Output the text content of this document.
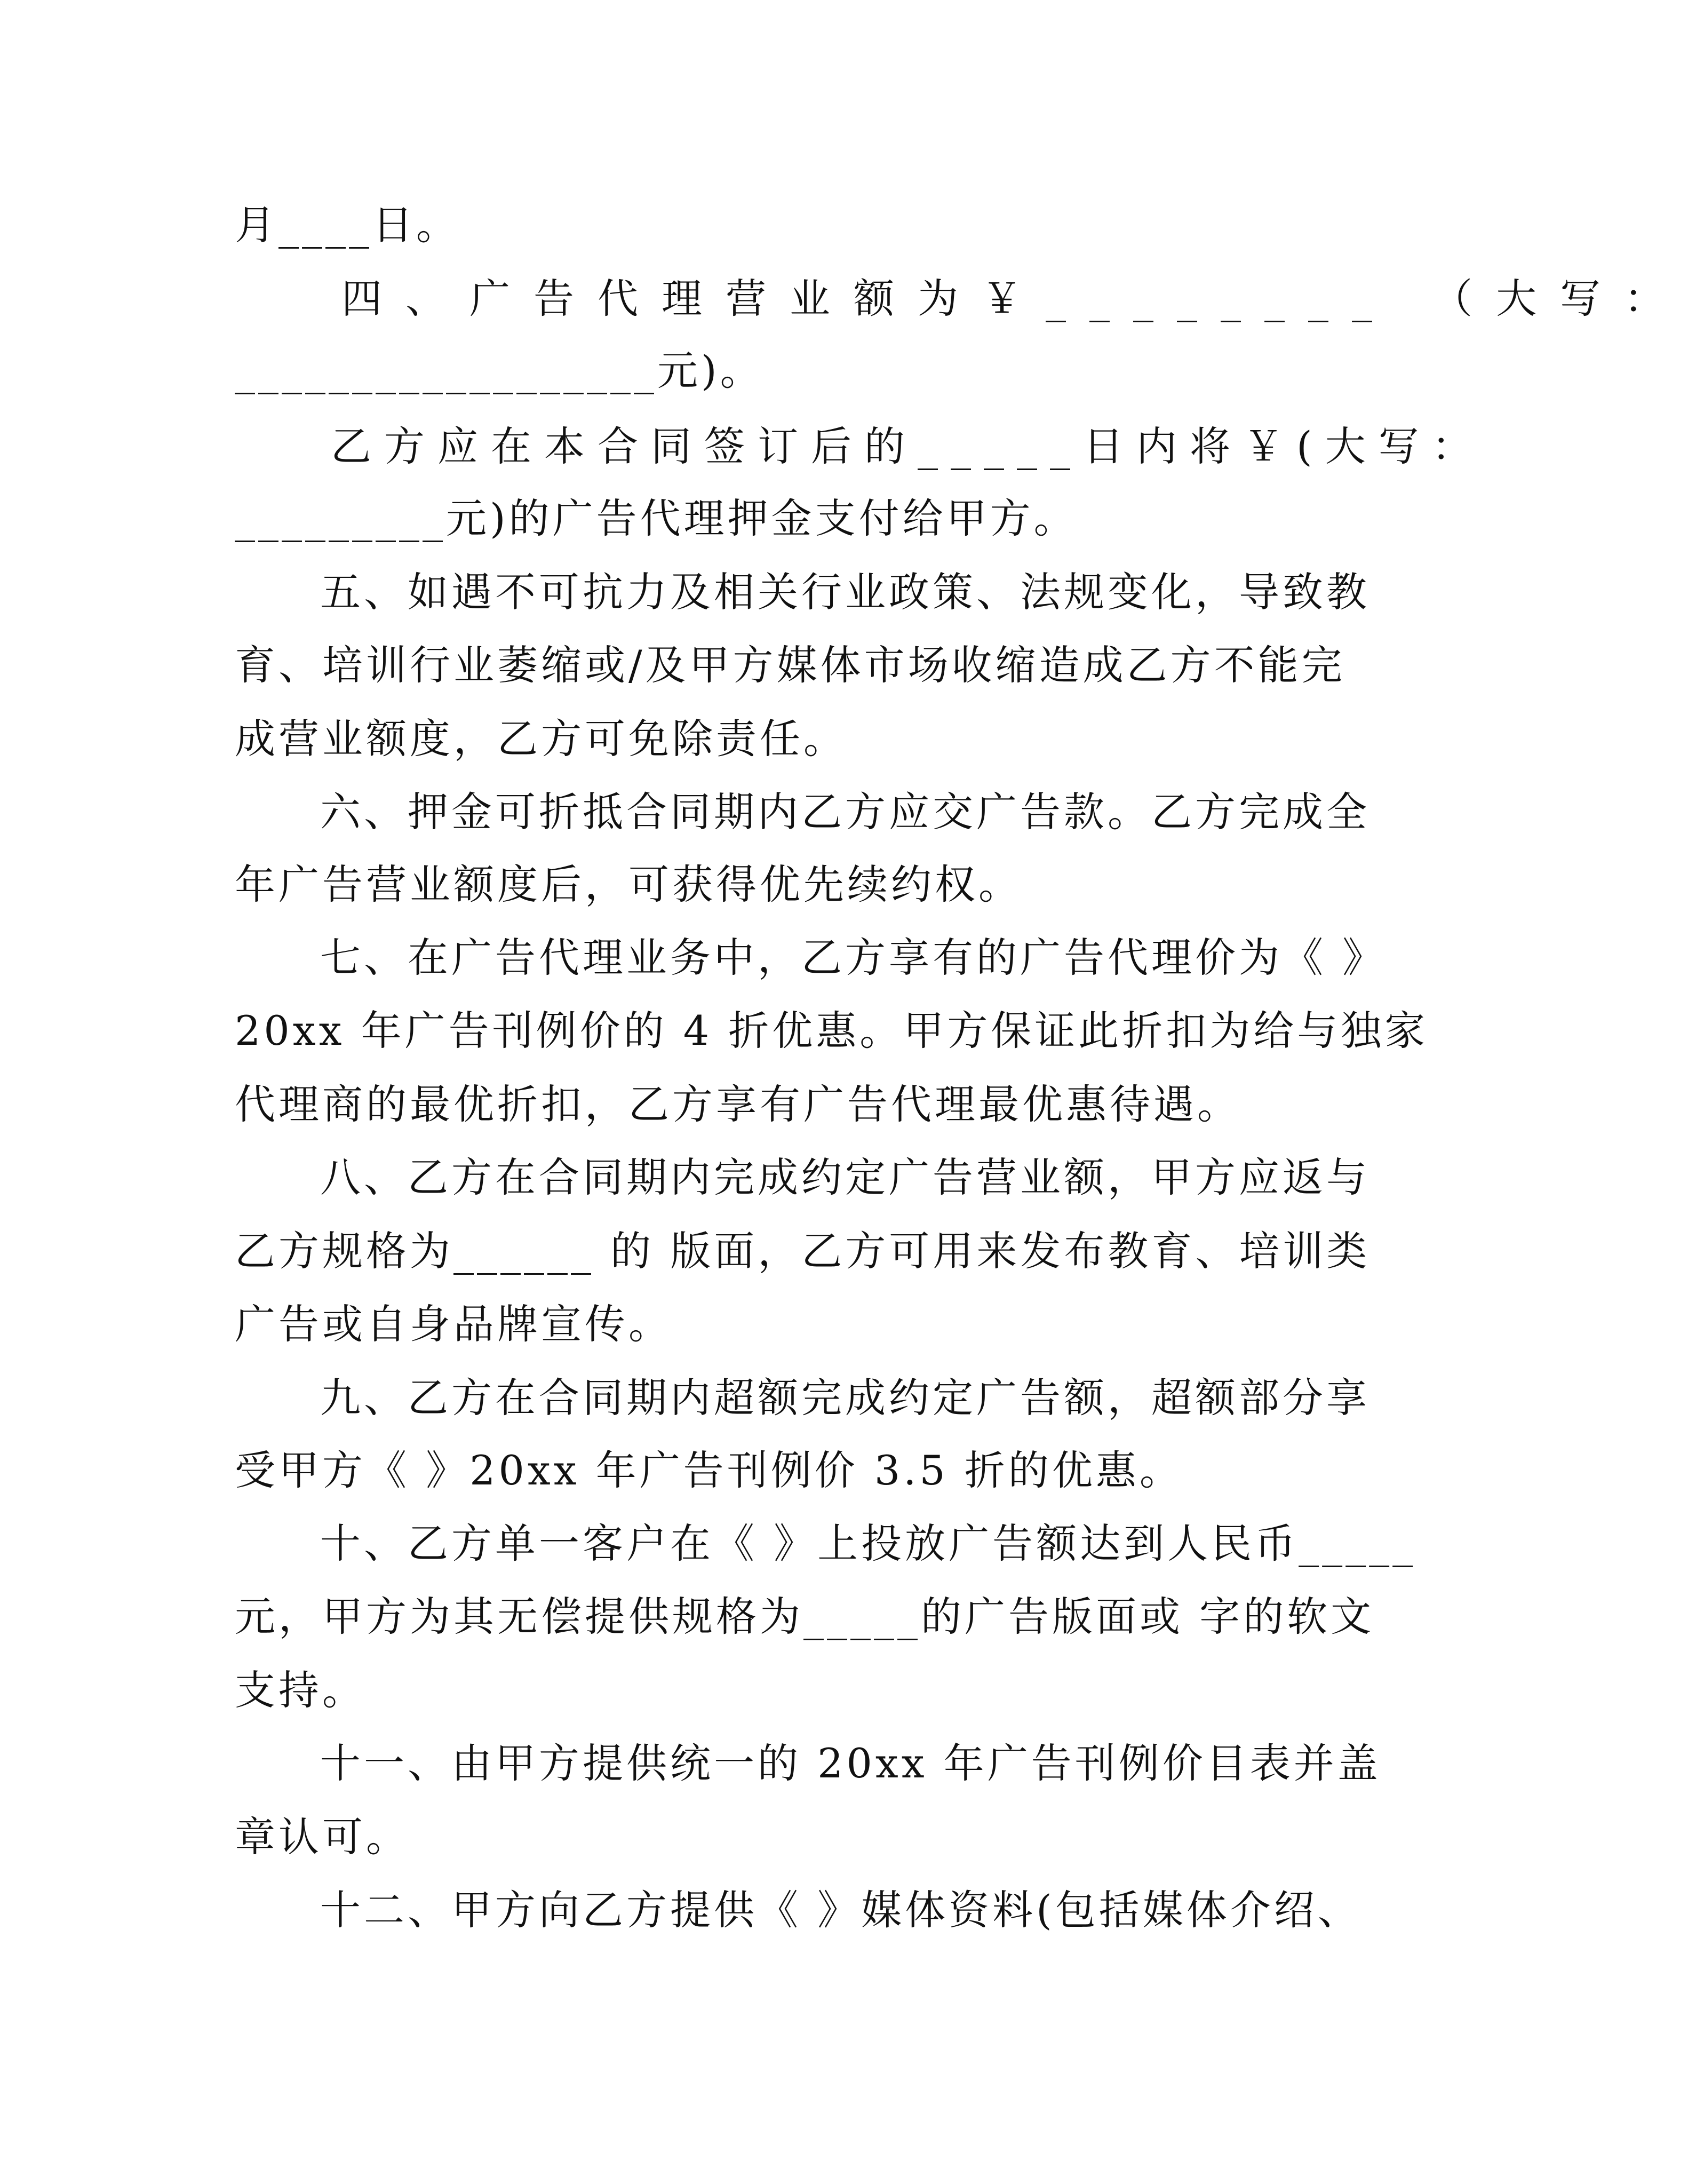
月____日。
四、广告代理营业额为￥________ （大写：
__________________元)。
乙方应在本合同签订后的_____日内将￥(大写：
_________元)的广告代理押金支付给甲方。
五、如遇不可抗力及相关行业政策、法规变化，导致教
育、培训行业萎缩或/及甲方媒体市场收缩造成乙方不能完
成营业额度，乙方可免除责任。
六、押金可折抵合同期内乙方应交广告款。乙方完成全
年广告营业额度后，可获得优先续约权。
七、在广告代理业务中，乙方享有的广告代理价为《 》
20xx 年广告刊例价的 4 折优惠。甲方保证此折扣为给与独家
代理商的最优折扣，乙方享有广告代理最优惠待遇。
八、乙方在合同期内完成约定广告营业额，甲方应返与
乙方规格为______ 的 版面，乙方可用来发布教育、培训类
广告或自身品牌宣传。
九、乙方在合同期内超额完成约定广告额，超额部分享
受甲方《 》20xx 年广告刊例价 3.5 折的优惠。
十、乙方单一客户在《 》上投放广告额达到人民币_____
元，甲方为其无偿提供规格为_____的广告版面或 字的软文
支持。
十一、由甲方提供统一的 20xx 年广告刊例价目表并盖
章认可。
十二、甲方向乙方提供《 》媒体资料(包括媒体介绍、
